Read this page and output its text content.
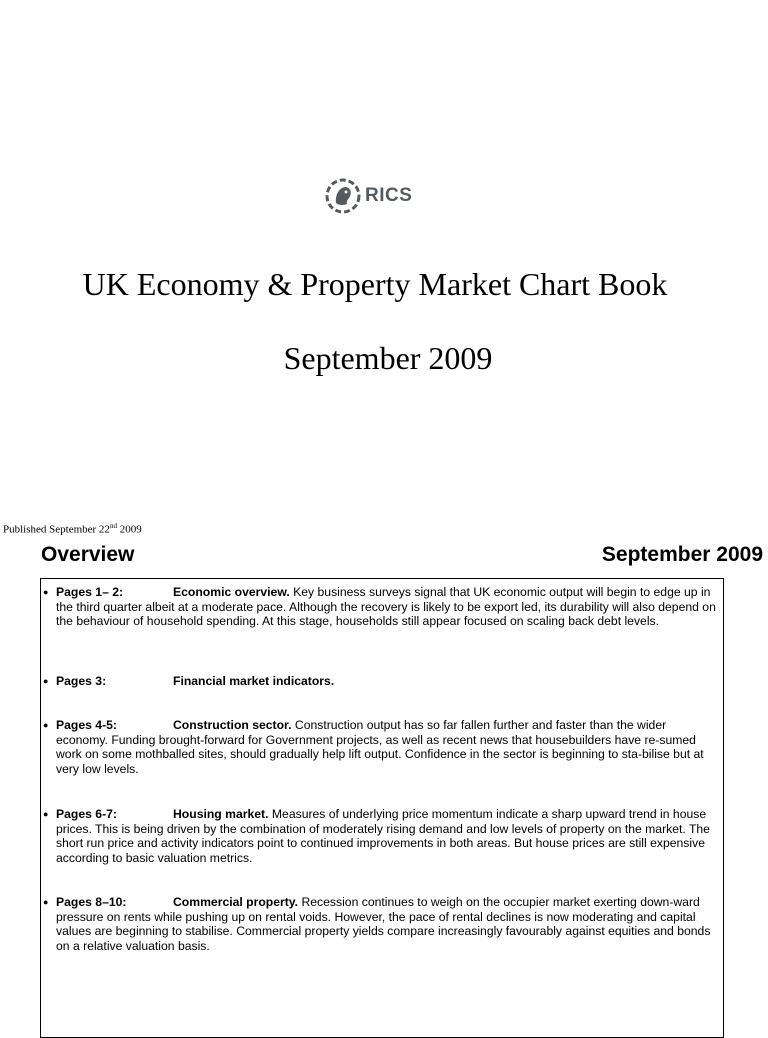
RICS
UK Economy & Property Market Chart Book
September 2009
Published September 22nd 2009
Overview	September 2009
● Pages 1– 2:	Economic overview. Key business surveys signal that UK economic output will begin to edge up in the third quarter albeit at a moderate pace. Although the recovery is likely to be export led, its durability will also depend on the behaviour of household spending. At this stage, households still appear focused on scaling back debt levels.
● Pages 3:	Financial market indicators.
● Pages 4-5:	Construction sector. Construction output has so far fallen further and faster than the wider economy. Funding brought-forward for Government projects, as well as recent news that housebuilders have re-sumed work on some mothballed sites, should gradually help lift output. Confidence in the sector is beginning to sta-bilise but at very low levels.
● Pages 6-7:	Housing market. Measures of underlying price momentum indicate a sharp upward trend in house prices. This is being driven by the combination of moderately rising demand and low levels of property on the market. The short run price and activity indicators point to continued improvements in both areas. But house prices are still expensive according to basic valuation metrics.
● Pages 8–10:	Commercial property. Recession continues to weigh on the occupier market exerting down-ward pressure on rents while pushing up on rental voids. However, the pace of rental declines is now moderating and capital values are beginning to stabilise. Commercial property yields compare increasingly favourably against equities and bonds on a relative valuation basis.
